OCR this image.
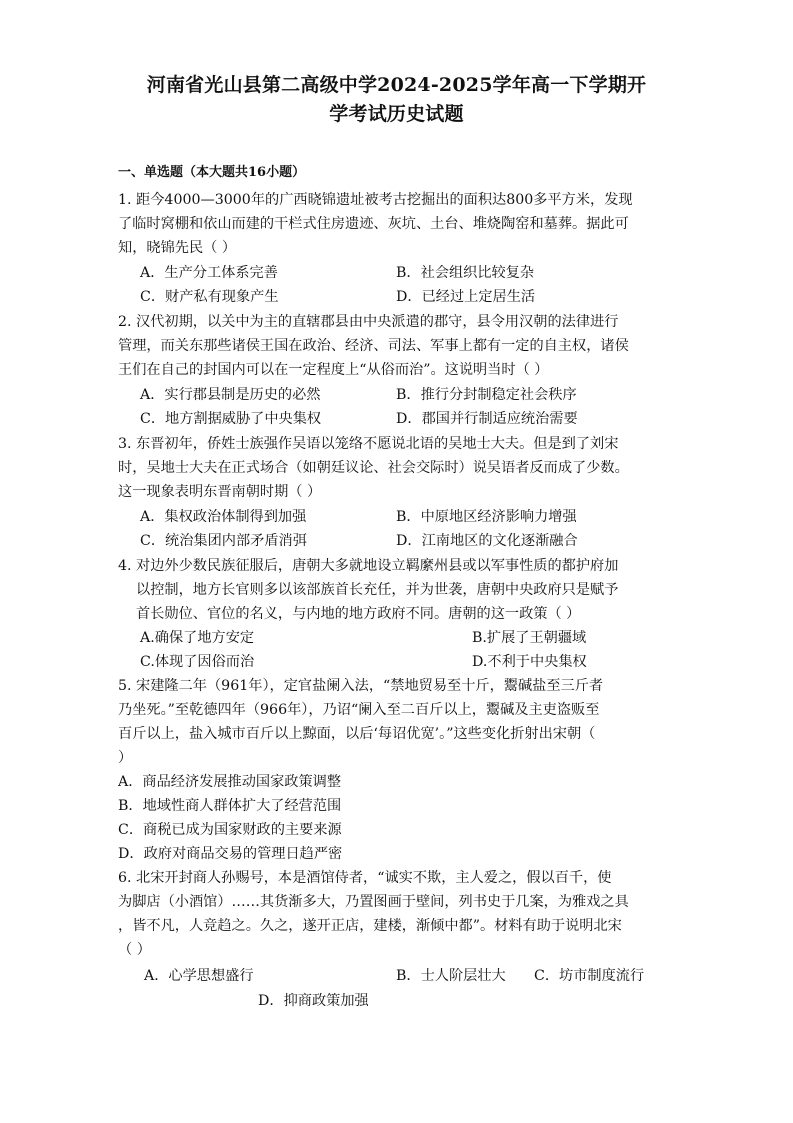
河南省光山县第二高级中学2024-2025学年高一下学期开
学考试历史试题
一、单选题（本大题共16小题）
1. 距今4000—3000年的广西晓锦遗址被考古挖掘出的面积达800多平方米，发现
了临时窝棚和依山而建的干栏式住房遗迹、灰坑、土台、堆烧陶窑和墓葬。据此可
知，晓锦先民（ ）
A．生产分工体系完善	B．社会组织比较复杂
C．财产私有现象产生	D．已经过上定居生活
2. 汉代初期，以关中为主的直辖郡县由中央派遣的郡守，县令用汉朝的法律进行
管理，而关东那些诸侯王国在政治、经济、司法、军事上都有一定的自主权，诸侯
王们在自己的封国内可以在一定程度上“从俗而治”。这说明当时（ ）
A．实行郡县制是历史的必然	B．推行分封制稳定社会秩序
C．地方割据威胁了中央集权	D．郡国并行制适应统治需要
3. 东晋初年，侨姓士族强作吴语以笼络不愿说北语的吴地士大夫。但是到了刘宋
时，吴地士大夫在正式场合（如朝廷议论、社会交际时）说吴语者反而成了少数。
这一现象表明东晋南朝时期（ ）
A．集权政治体制得到加强	B．中原地区经济影响力增强
C．统治集团内部矛盾消弭	D．江南地区的文化逐渐融合
4. 对边外少数民族征服后，唐朝大多就地设立羁縻州县或以军事性质的都护府加
以控制，地方长官则多以该部族首长充任，并为世袭，唐朝中央政府只是赋予
首长勋位、官位的名义，与内地的地方政府不同。唐朝的这一政策（ ）
A.确保了地方安定	B.扩展了王朝疆域
C.体现了因俗而治	D.不利于中央集权
5. 宋建隆二年（961年），定官盐阑入法，“禁地贸易至十斤，鬻碱盐至三斤者
乃坐死。”至乾德四年（966年），乃诏“阑入至二百斤以上，鬻碱及主吏盗贩至
百斤以上，盐入城市百斤以上黥面，以后‘每诏优宽’。”这些变化折射出宋朝（
）
A．商品经济发展推动国家政策调整
B．地域性商人群体扩大了经营范围
C．商税已成为国家财政的主要来源
D．政府对商品交易的管理日趋严密
6. 北宋开封商人孙赐号，本是酒馆侍者，“诚实不欺，主人爱之，假以百千，使
为脚店（小酒馆）……其货渐多大，乃置图画于壁间，列书史于几案，为雅戏之具
，皆不凡，人竞趋之。久之，遂开正店，建楼，渐倾中都”。材料有助于说明北宋
（ ）
A．心学思想盛行	B．士人阶层壮大 C．坊市制度流行
D．抑商政策加强
